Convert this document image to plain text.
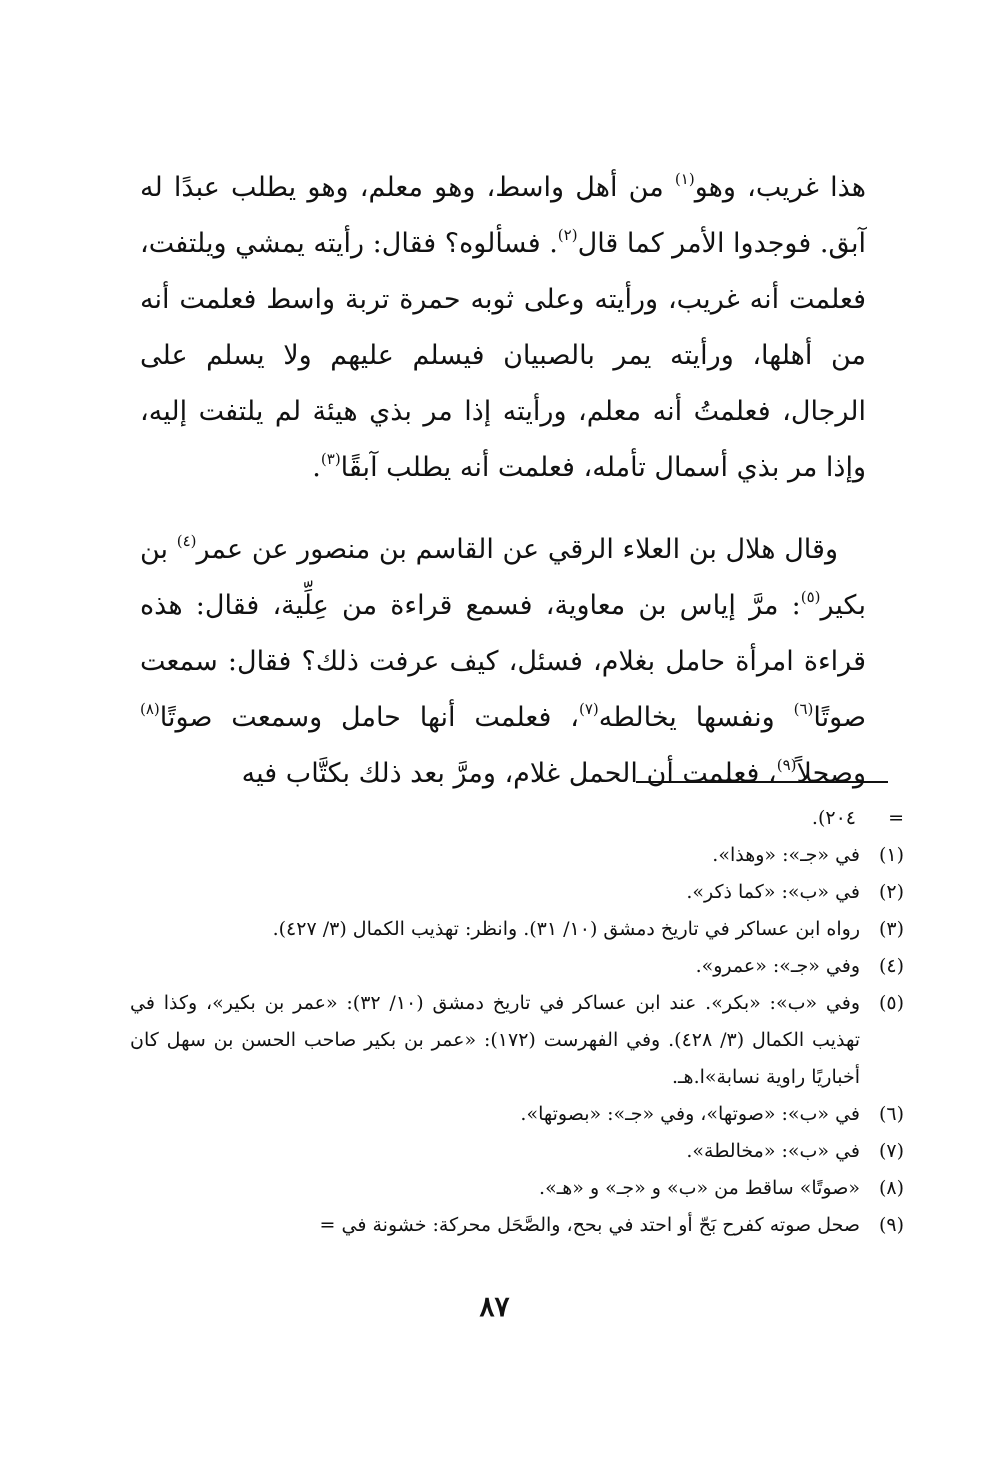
هذا غريب، وهو$^{(١)}$ من أهل واسط، وهو معلم، وهو يطلب عبدًا له آبق. فوجدوا الأمر كما قال$^{(٢)}$. فسألوه؟ فقال: رأيته يمشي ويلتفت، فعلمت أنه غريب، ورأيته وعلى ثوبه حمرة تربة واسط فعلمت أنه من أهلها، ورأيته يمر بالصبيان فيسلم عليهم ولا يسلم على الرجال، فعلمتُ أنه معلم، ورأيته إذا مر بذي هيئة لم يلتفت إليه، وإذا مر بذي أسمال تأمله، فعلمت أنه يطلب آبقًا$^{(٣)}$.

وقال هلال بن العلاء الرقي عن القاسم بن منصور عن عمر$^{(٤)}$ بن بكير$^{(٥)}$: مرَّ إياس بن معاوية، فسمع قراءة من عِلِّية، فقال: هذه قراءة امرأة حامل بغلام، فسئل، كيف عرفت ذلك؟ فقال: سمعت صوتًا$^{(٦)}$ ونفسها يخالطه$^{(٧)}$، فعلمت أنها حامل وسمعت صوتًا$^{(٨)}$ وصحلاً$^{(٩)}$، فعلمت أن الحمل غلام، ومرَّ بعد ذلك بكتَّاب فيه

=
٢٠٤).
(١)
في «جـ»: «وهذا».
(٢)
في «ب»: «كما ذكر».
(٣)
رواه ابن عساكر في تاريخ دمشق (١٠/ ٣١). وانظر: تهذيب الكمال (٣/ ٤٢٧).
(٤)
وفي «جـ»: «عمرو».
(٥)
وفي «ب»: «بكر». عند ابن عساكر في تاريخ دمشق (١٠/ ٣٢): «عمر بن بكير»، وكذا في تهذيب الكمال (٣/ ٤٢٨). وفي الفهرست (١٧٢): «عمر بن بكير صاحب الحسن بن سهل كان أخباريًا راوية نسابة»ا.هـ.
(٦)
في «ب»: «صوتها»، وفي «جـ»: «بصوتها».
(٧)
في «ب»: «مخالطة».
(٨)
«صوتًا» ساقط من «ب» و «جـ» و «هـ».
(٩)
صحل صوته كفرح بَحّ أو احتد في بحح، والصَّحَل محركة: خشونة في =
٨٧
